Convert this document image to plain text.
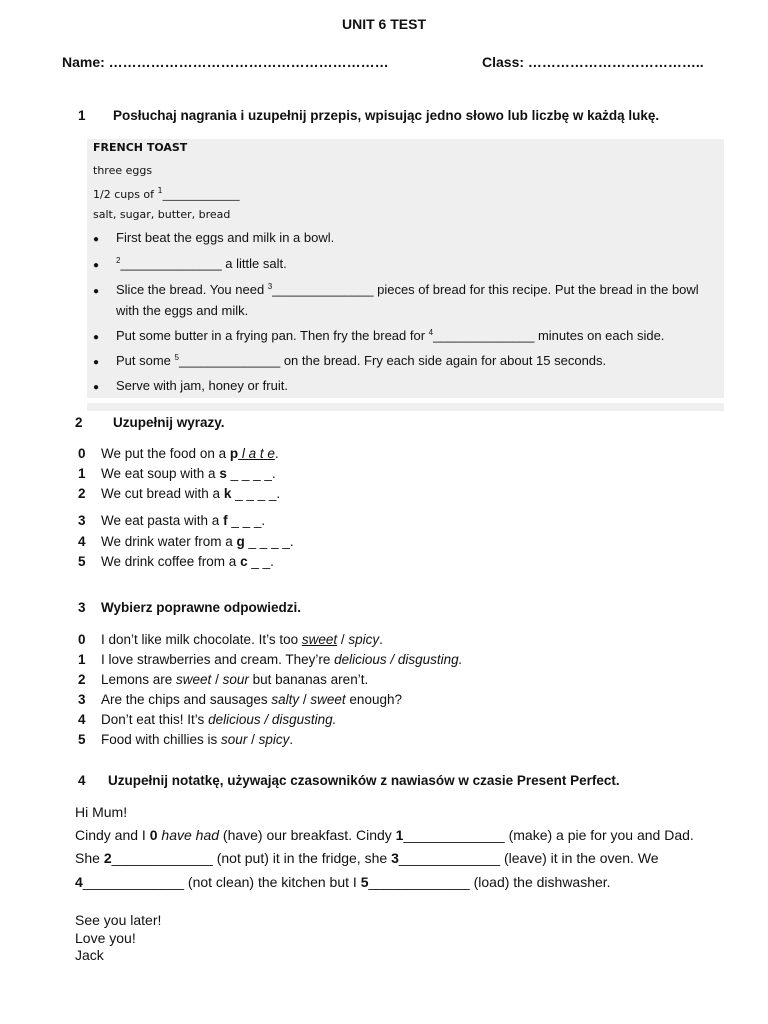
UNIT 6 TEST
Name: ……………………………………………………	Class: ………………………………..
1 Posłuchaj nagrania i uzupełnij przepis, wpisując jedno słowo lub liczbę w każdą lukę.
FRENCH TOAST
three eggs
1/2 cups of $^1$______________
salt, sugar, butter, bread
● First beat the eggs and milk in a bowl.
● $^2$______________ a little salt.
● Slice the bread. You need $^3$______________ pieces of bread for this recipe. Put the bread in the bowl
with the eggs and milk.
● Put some butter in a frying pan. Then fry the bread for $^4$______________ minutes on each side.
● Put some $^5$______________ on the bread. Fry each side again for about 15 seconds.
● Serve with jam, honey or fruit.
2 Uzupełnij wyrazy.
0 We put the food on a p l a t e.
1 We eat soup with a s _ _ _ _.
2 We cut bread with a k _ _ _ _.
3 We eat pasta with a f _ _ _.
4 We drink water from a g _ _ _ _.
5 We drink coffee from a c _ _.
3 Wybierz poprawne odpowiedzi.
0 I don’t like milk chocolate. It’s too sweet / spicy.
1 I love strawberries and cream. They’re delicious / disgusting.
2 Lemons are sweet / sour but bananas aren’t.
3 Are the chips and sausages salty / sweet enough?
4 Don’t eat this! It’s delicious / disgusting.
5 Food with chillies is sour / spicy.
4 Uzupełnij notatkę, używając czasowników z nawiasów w czasie Present Perfect.
Hi Mum!
Cindy and I 0 have had (have) our breakfast. Cindy 1_____________ (make) a pie for you and Dad.
She 2_____________ (not put) it in the fridge, she 3_____________ (leave) it in the oven. We
4_____________ (not clean) the kitchen but I 5_____________ (load) the dishwasher.
See you later!
Love you!
Jack
